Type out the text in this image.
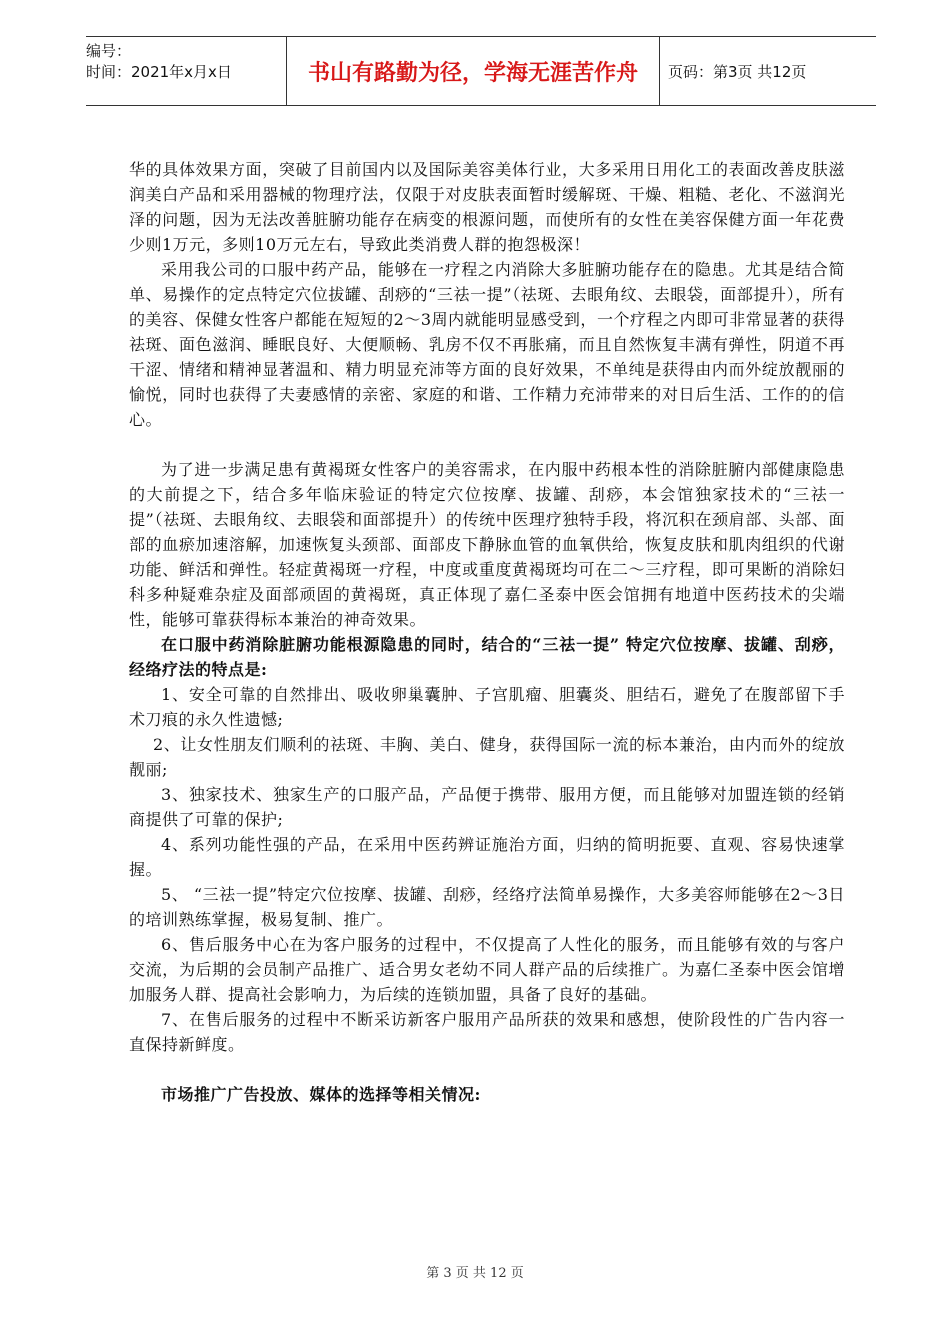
编号：
时间：2021年x月x日	书山有路勤为径，学海无涯苦作舟	页码：第3页 共12页

华的具体效果方面，突破了目前国内以及国际美容美体行业，大多采用日用化工的表面改善皮肤滋润美白产品和采用器械的物理疗法，仅限于对皮肤表面暂时缓解斑、干燥、粗糙、老化、不滋润光泽的问题，因为无法改善脏腑功能存在病变的根源问题，而使所有的女性在美容保健方面一年花费少则1万元，多则10万元左右，导致此类消费人群的抱怨极深！

采用我公司的口服中药产品，能够在一疗程之内消除大多脏腑功能存在的隐患。尤其是结合简单、易操作的定点特定穴位拔罐、刮痧的“三祛一提”（祛斑、去眼角纹、去眼袋，面部提升），所有的美容、保健女性客户都能在短短的2～3周内就能明显感受到，一个疗程之内即可非常显著的获得祛斑、面色滋润、睡眠良好、大便顺畅、乳房不仅不再胀痛，而且自然恢复丰满有弹性，阴道不再干涩、情绪和精神显著温和、精力明显充沛等方面的良好效果，不单纯是获得由内而外绽放靓丽的愉悦，同时也获得了夫妻感情的亲密、家庭的和谐、工作精力充沛带来的对日后生活、工作的的信心。

为了进一步满足患有黄褐斑女性客户的美容需求，在内服中药根本性的消除脏腑内部健康隐患的大前提之下，结合多年临床验证的特定穴位按摩、拔罐、刮痧，本会馆独家技术的“三祛一提”（祛斑、去眼角纹、去眼袋和面部提升）的传统中医理疗独特手段，将沉积在颈肩部、头部、面部的血瘀加速溶解，加速恢复头颈部、面部皮下静脉血管的血氧供给，恢复皮肤和肌肉组织的代谢功能、鲜活和弹性。轻症黄褐斑一疗程，中度或重度黄褐斑均可在二～三疗程，即可果断的消除妇科多种疑难杂症及面部顽固的黄褐斑，真正体现了嘉仁圣泰中医会馆拥有地道中医药技术的尖端性，能够可靠获得标本兼治的神奇效果。

在口服中药消除脏腑功能根源隐患的同时，结合的“三祛一提” 特定穴位按摩、拔罐、刮痧，经络疗法的特点是:

1、安全可靠的自然排出、吸收卵巢囊肿、子宫肌瘤、胆囊炎、胆结石，避免了在腹部留下手术刀痕的永久性遗憾;

2、让女性朋友们顺利的祛斑、丰胸、美白、健身，获得国际一流的标本兼治，由内而外的绽放靓丽;

3、独家技术、独家生产的口服产品，产品便于携带、服用方便，而且能够对加盟连锁的经销商提供了可靠的保护;

4、系列功能性强的产品，在采用中医药辨证施治方面，归纳的简明扼要、直观、容易快速掌握。

5、 “三祛一提”特定穴位按摩、拔罐、刮痧，经络疗法简单易操作，大多美容师能够在2～3日的培训熟练掌握，极易复制、推广。

6、售后服务中心在为客户服务的过程中，不仅提高了人性化的服务，而且能够有效的与客户交流，为后期的会员制产品推广、适合男女老幼不同人群产品的后续推广。为嘉仁圣泰中医会馆增加服务人群、提高社会影响力，为后续的连锁加盟，具备了良好的基础。

7、在售后服务的过程中不断采访新客户服用产品所获的效果和感想，使阶段性的广告内容一直保持新鲜度。

市场推广广告投放、媒体的选择等相关情况:

第 3 页 共 12 页
